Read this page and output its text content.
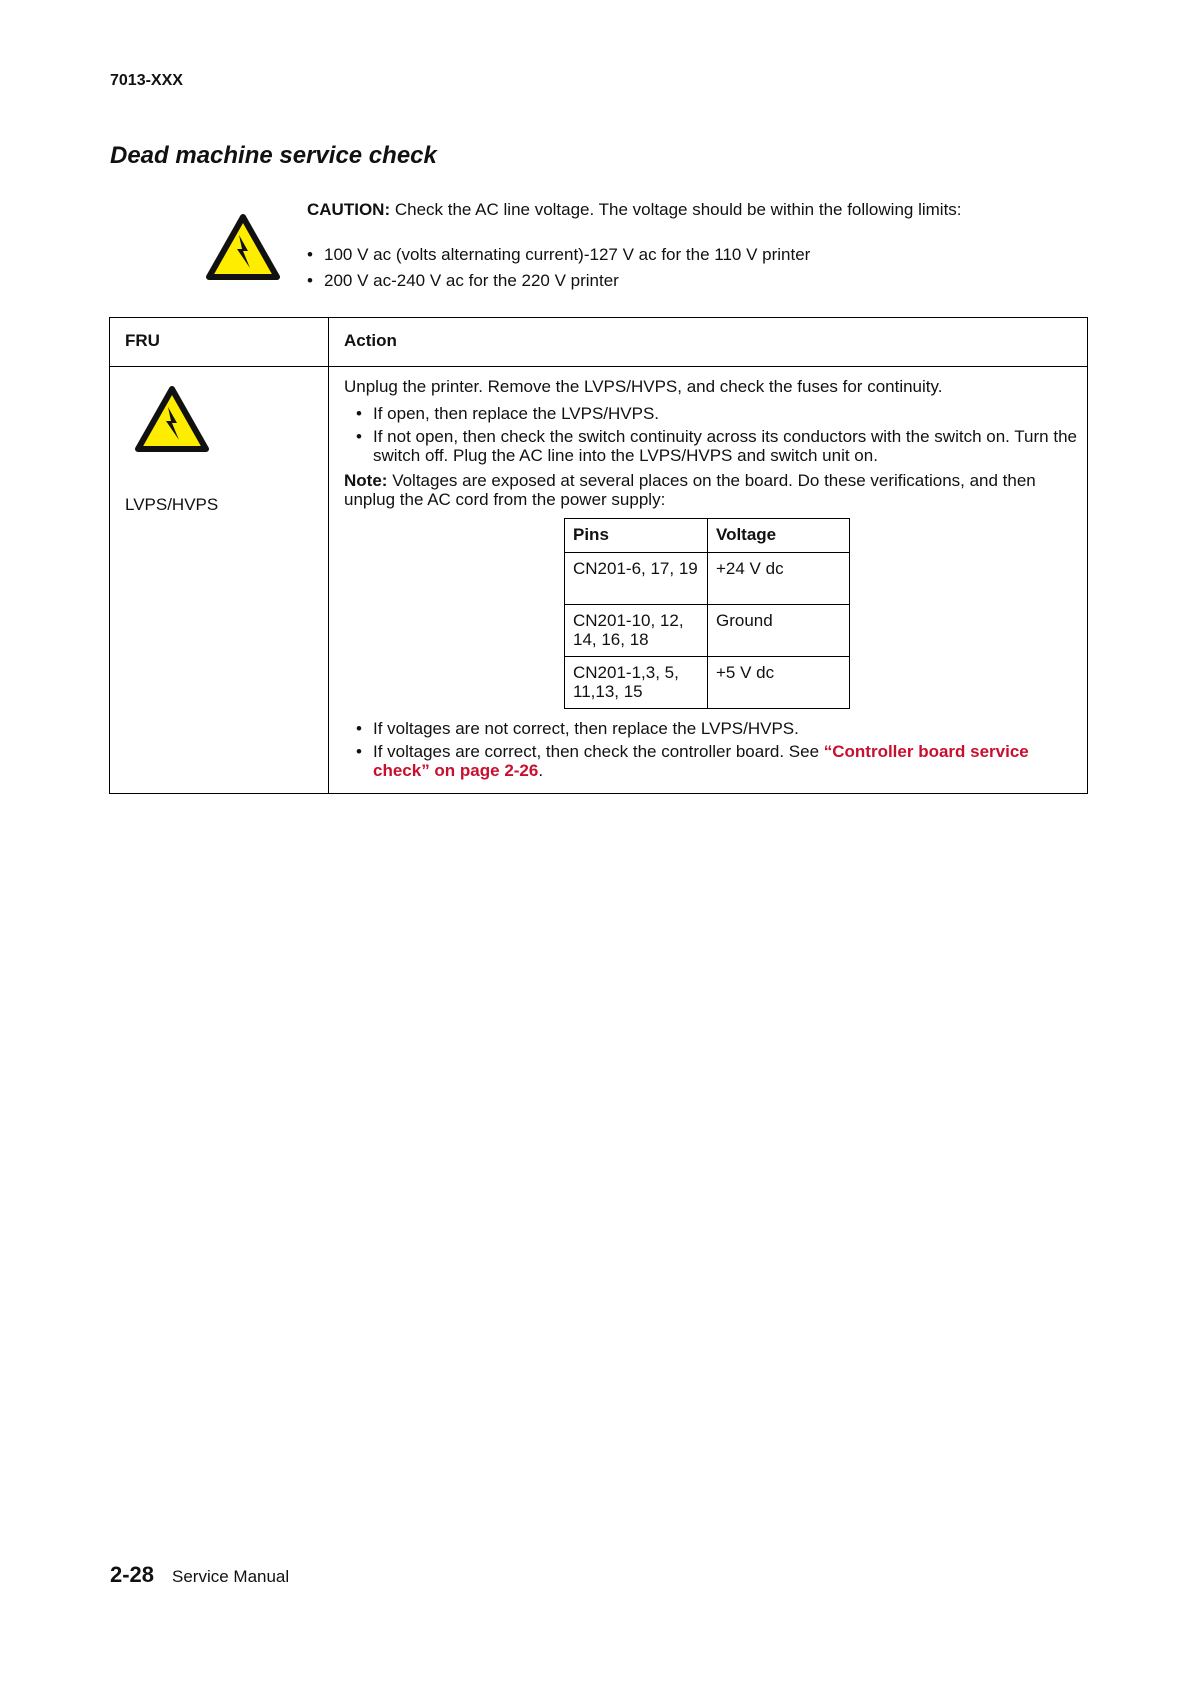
7013-XXX
Dead machine service check
CAUTION: Check the AC line voltage. The voltage should be within the following limits:
• 100 V ac (volts alternating current)-127 V ac for the 110 V printer
• 200 V ac-240 V ac for the 220 V printer
FRU	Action
LVPS/HVPS
Unplug the printer. Remove the LVPS/HVPS, and check the fuses for continuity.
• If open, then replace the LVPS/HVPS.
• If not open, then check the switch continuity across its conductors with the switch on. Turn the switch off. Plug the AC line into the LVPS/HVPS and switch unit on.
Note: Voltages are exposed at several places on the board. Do these verifications, and then unplug the AC cord from the power supply:
Pins	Voltage
CN201-6, 17, 19	+24 V dc
CN201-10, 12, 14, 16, 18	Ground
CN201-1,3, 5, 11,13, 15	+5 V dc
• If voltages are not correct, then replace the LVPS/HVPS.
• If voltages are correct, then check the controller board. See “Controller board service check” on page 2-26.
2-28 Service Manual
